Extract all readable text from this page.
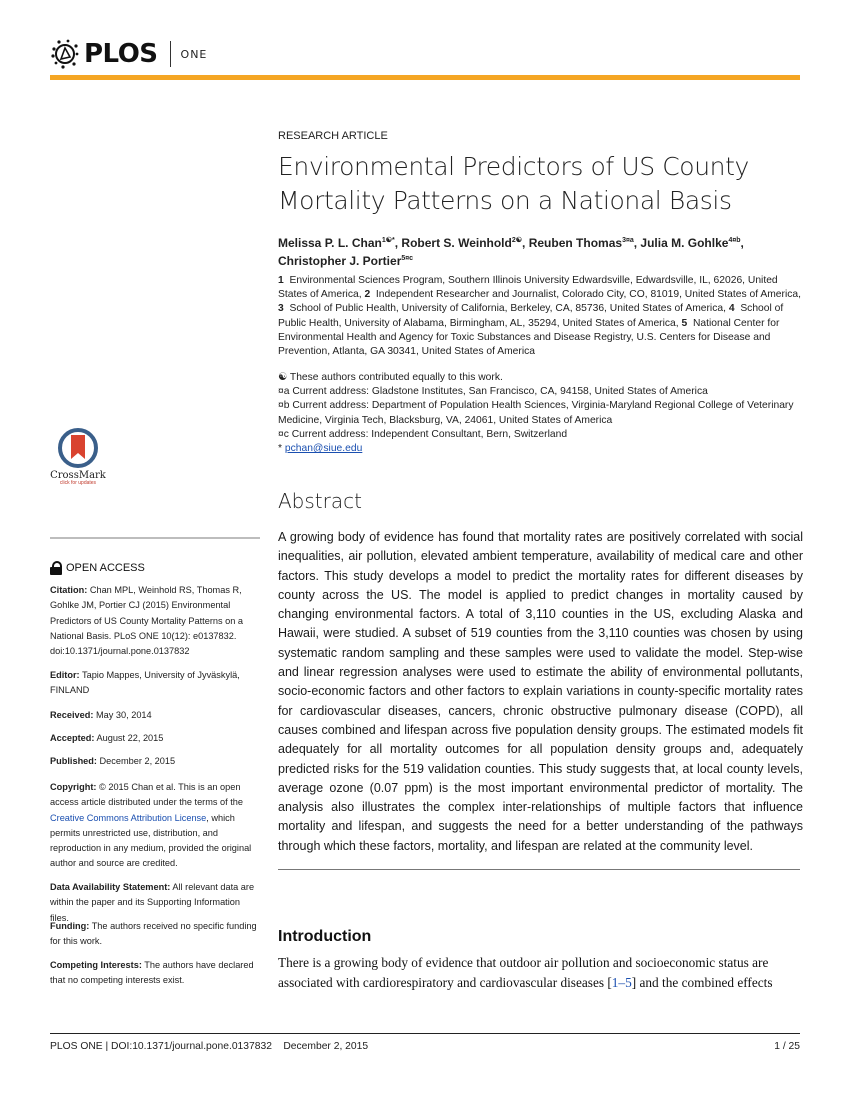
PLOS ONE
RESEARCH ARTICLE
Environmental Predictors of US County Mortality Patterns on a National Basis
Melissa P. L. Chan$^{1☯*}$, Robert S. Weinhold$^{2☯}$, Reuben Thomas$^{3¤a}$, Julia M. Gohlke$^{4¤b}$,
Christopher J. Portier$^{5¤c}$
1 Environmental Sciences Program, Southern Illinois University Edwardsville, Edwardsville, IL, 62026, United States of America, 2 Independent Researcher and Journalist, Colorado City, CO, 81019, United States of America, 3 School of Public Health, University of California, Berkeley, CA, 85736, United States of America, 4 School of Public Health, University of Alabama, Birmingham, AL, 35294, United States of America, 5 National Center for Environmental Health and Agency for Toxic Substances and Disease Registry, U.S. Centers for Disease and Prevention, Atlanta, GA 30341, United States of America
☯ These authors contributed equally to this work.
¤a Current address: Gladstone Institutes, San Francisco, CA, 94158, United States of America
¤b Current address: Department of Population Health Sciences, Virginia-Maryland Regional College of Veterinary Medicine, Virginia Tech, Blacksburg, VA, 24061, United States of America
¤c Current address: Independent Consultant, Bern, Switzerland
* pchan@siue.edu
CrossMark
click for updates
OPEN ACCESS
Citation: Chan MPL, Weinhold RS, Thomas R, Gohlke JM, Portier CJ (2015) Environmental Predictors of US County Mortality Patterns on a National Basis. PLoS ONE 10(12): e0137832. doi:10.1371/journal.pone.0137832
Editor: Tapio Mappes, University of Jyväskylä, FINLAND
Received: May 30, 2014
Accepted: August 22, 2015
Published: December 2, 2015
Copyright: © 2015 Chan et al. This is an open access article distributed under the terms of the Creative Commons Attribution License, which permits unrestricted use, distribution, and reproduction in any medium, provided the original author and source are credited.
Data Availability Statement: All relevant data are within the paper and its Supporting Information files.
Funding: The authors received no specific funding for this work.
Competing Interests: The authors have declared that no competing interests exist.
Abstract
A growing body of evidence has found that mortality rates are positively correlated with social inequalities, air pollution, elevated ambient temperature, availability of medical care and other factors. This study develops a model to predict the mortality rates for different diseases by county across the US. The model is applied to predict changes in mortality caused by changing environmental factors. A total of 3,110 counties in the US, excluding Alaska and Hawaii, were studied. A subset of 519 counties from the 3,110 counties was chosen by using systematic random sampling and these samples were used to validate the model. Step-wise and linear regression analyses were used to estimate the ability of environmental pollutants, socio-economic factors and other factors to explain variations in county-specific mortality rates for cardiovascular diseases, cancers, chronic obstructive pulmonary disease (COPD), all causes combined and lifespan across five population density groups. The estimated models fit adequately for all mortality outcomes for all population density groups and, adequately predicted risks for the 519 validation counties. This study suggests that, at local county levels, average ozone (0.07 ppm) is the most important environmental predictor of mortality. The analysis also illustrates the complex inter-relationships of multiple factors that influence mortality and lifespan, and suggests the need for a better understanding of the pathways through which these factors, mortality, and lifespan are related at the community level.
Introduction
There is a growing body of evidence that outdoor air pollution and socioeconomic status are associated with cardiorespiratory and cardiovascular diseases [1–5] and the combined effects
PLOS ONE | DOI:10.1371/journal.pone.0137832    December 2, 2015	1 / 25
